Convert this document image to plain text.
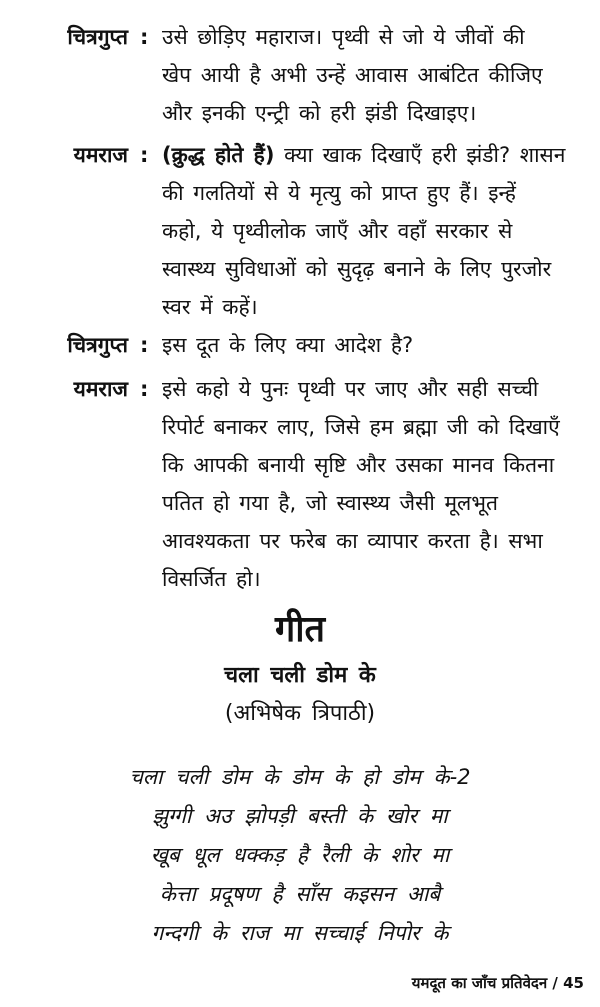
चित्रगुप्त : उसे छोड़िए महाराज। पृथ्वी से जो ये जीवों की
खेप आयी है अभी उन्हें आवास आबंटित कीजिए
और इनकी एन्ट्री को हरी झंडी दिखाइए।
यमराज : (क्रुद्ध होते हैं) क्या खाक दिखाएँ हरी झंडी? शासन
की गलतियों से ये मृत्यु को प्राप्त हुए हैं। इन्हें
कहो, ये पृथ्वीलोक जाएँ और वहाँ सरकार से
स्वास्थ्य सुविधाओं को सुदृढ़ बनाने के लिए पुरजोर
स्वर में कहें।
चित्रगुप्त : इस दूत के लिए क्या आदेश है?
यमराज : इसे कहो ये पुनः पृथ्वी पर जाए और सही सच्ची
रिपोर्ट बनाकर लाए, जिसे हम ब्रह्मा जी को दिखाएँ
कि आपकी बनायी सृष्टि और उसका मानव कितना
पतित हो गया है, जो स्वास्थ्य जैसी मूलभूत
आवश्यकता पर फरेब का व्यापार करता है। सभा
विसर्जित हो।
गीत
चला चली डोम के
(अभिषेक त्रिपाठी)
चला चली डोम के डोम के हो डोम के-2
झुग्गी अउ झोपड़ी बस्ती के खोर मा
खूब धूल धक्कड़ है रैली के शोर मा
केत्ता प्रदूषण है साँस कइसन आबै
गन्दगी के राज मा सच्चाई निपोर के
यमदूत का जाँच प्रतिवेदन / 45
